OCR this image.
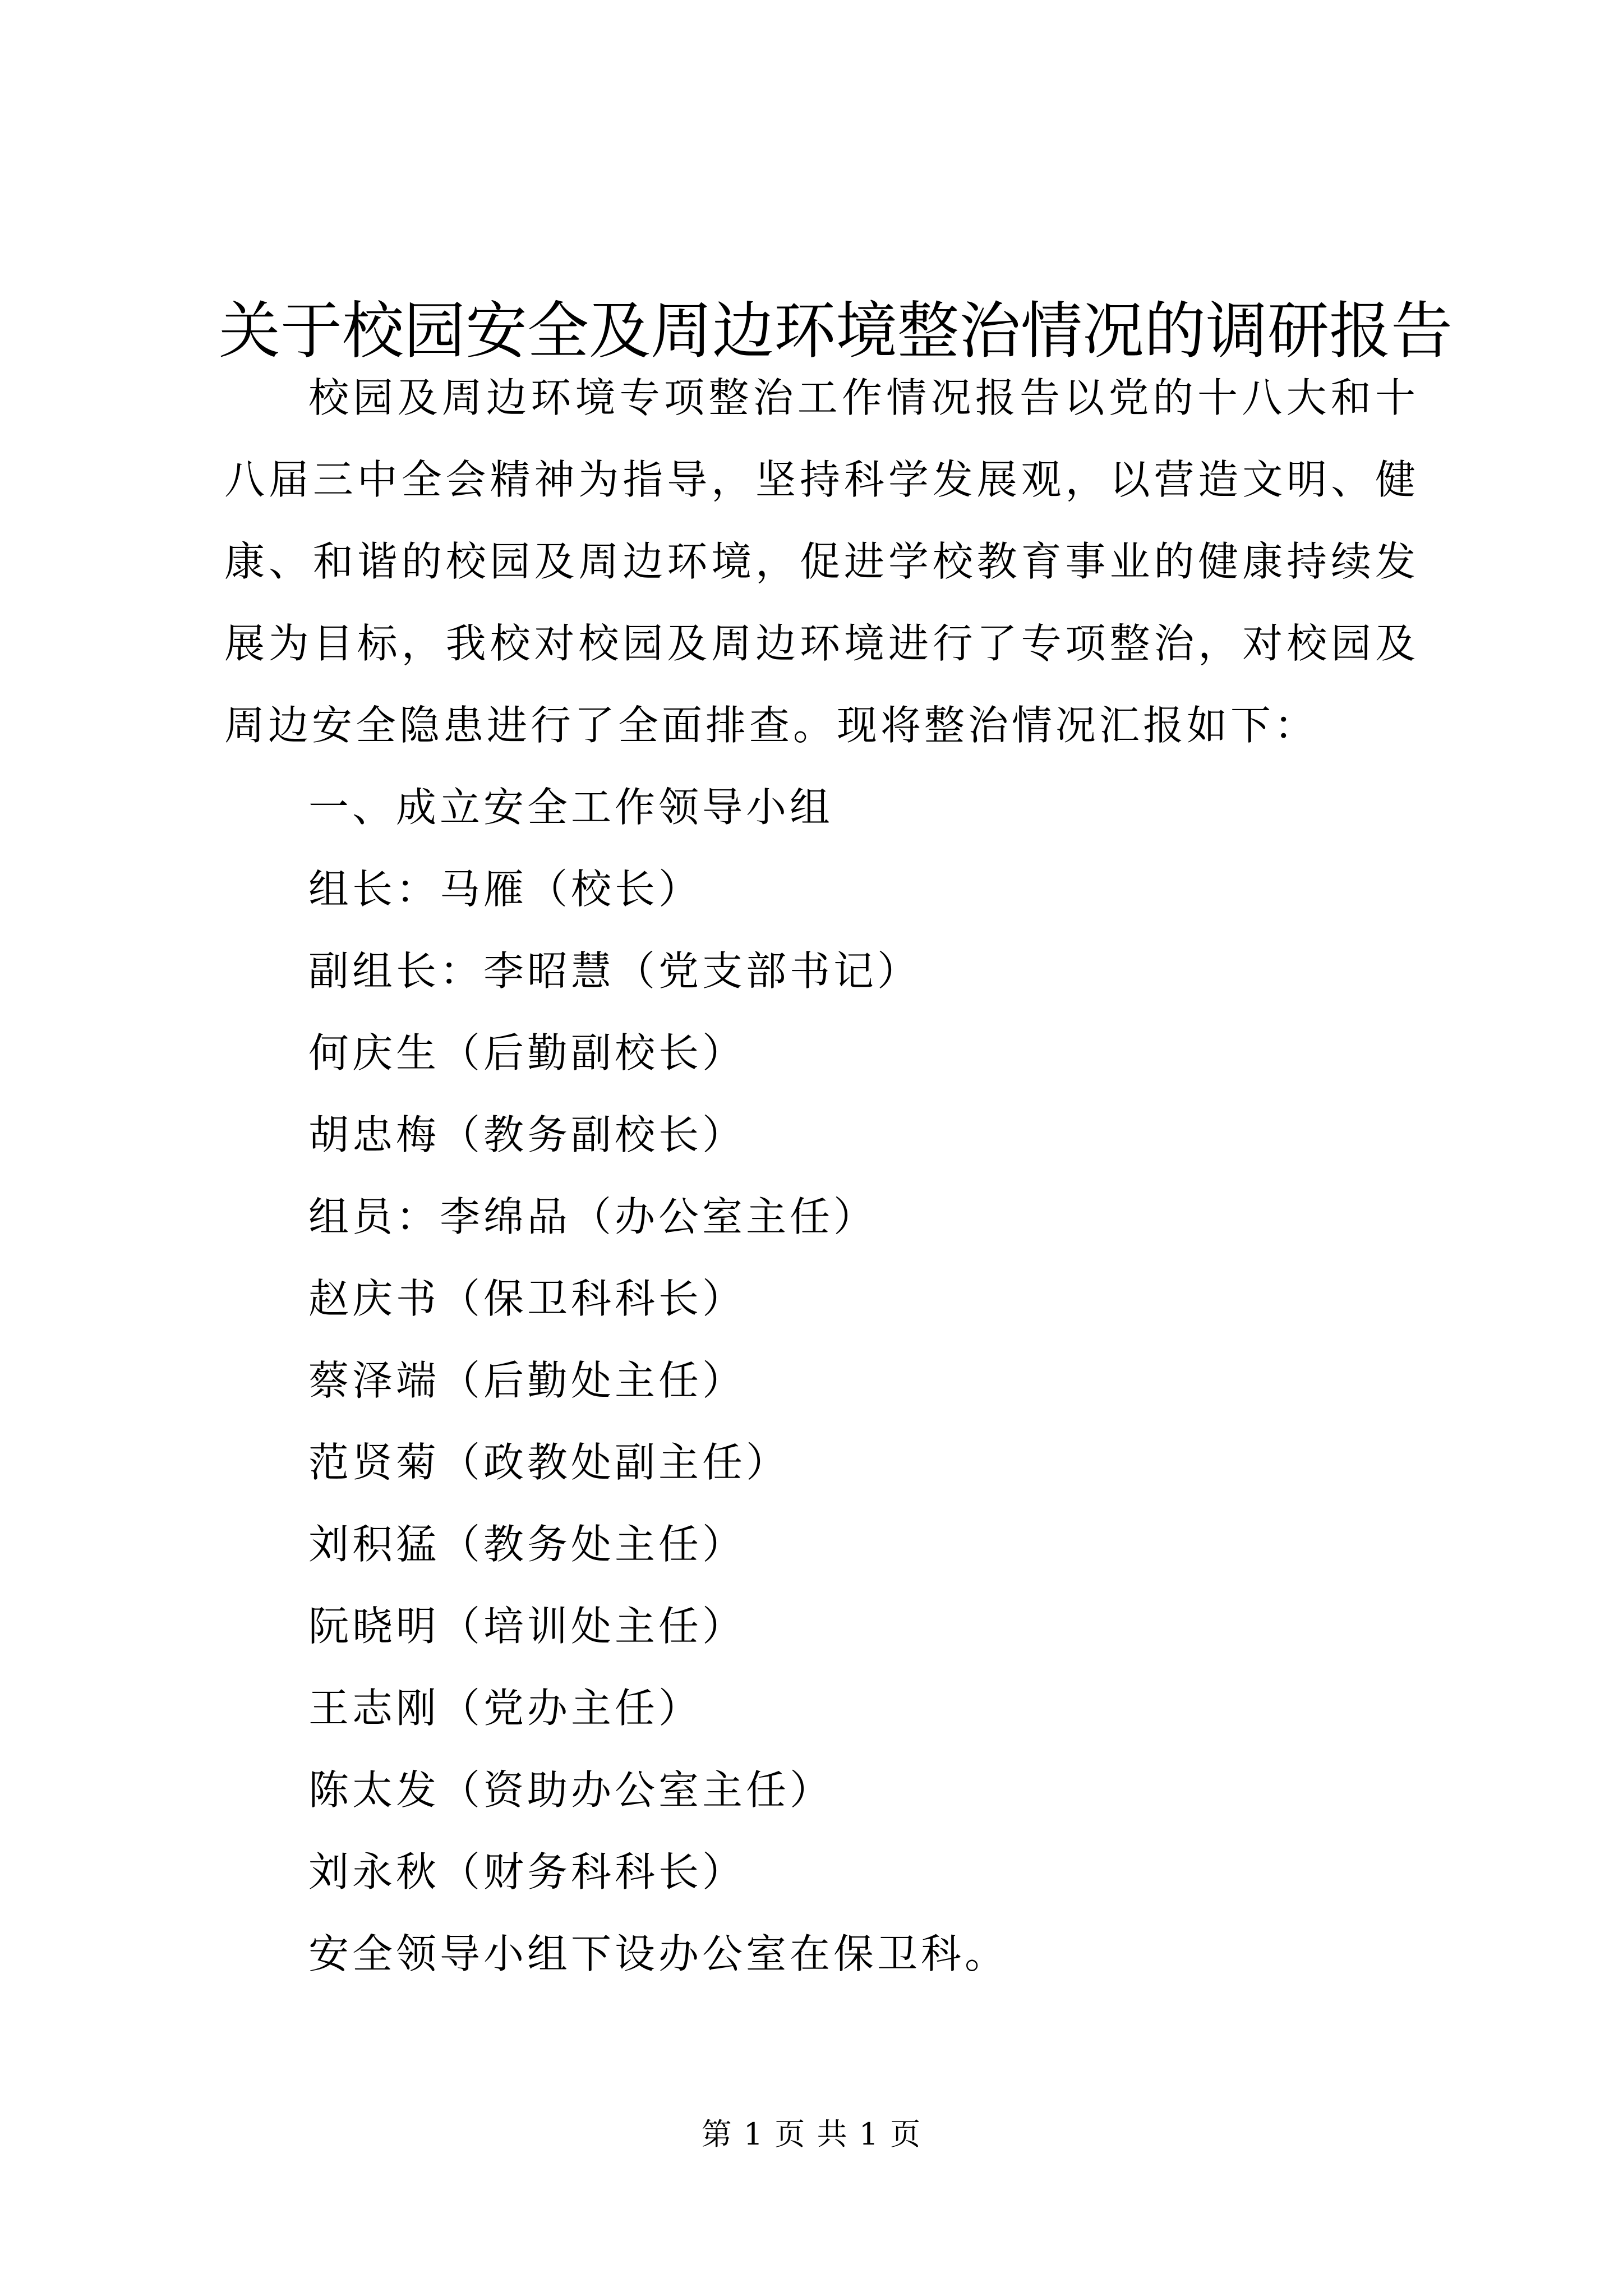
关于校园安全及周边环境整治情况的调研报告

校园及周边环境专项整治工作情况报告以党的十八大和十八届三中全会精神为指导，坚持科学发展观，以营造文明、健康、和谐的校园及周边环境，促进学校教育事业的健康持续发展为目标，我校对校园及周边环境进行了专项整治，对校园及周边安全隐患进行了全面排查。现将整治情况汇报如下：

一、成立安全工作领导小组

组长：马雁（校长）

副组长：李昭慧（党支部书记）

何庆生（后勤副校长）

胡忠梅（教务副校长）

组员：李绵品（办公室主任）

赵庆书（保卫科科长）

蔡泽端（后勤处主任）

范贤菊（政教处副主任）

刘积猛（教务处主任）

阮晓明（培训处主任）

王志刚（党办主任）

陈太发（资助办公室主任）

刘永秋（财务科科长）

安全领导小组下设办公室在保卫科。

第 1 页 共 1 页
